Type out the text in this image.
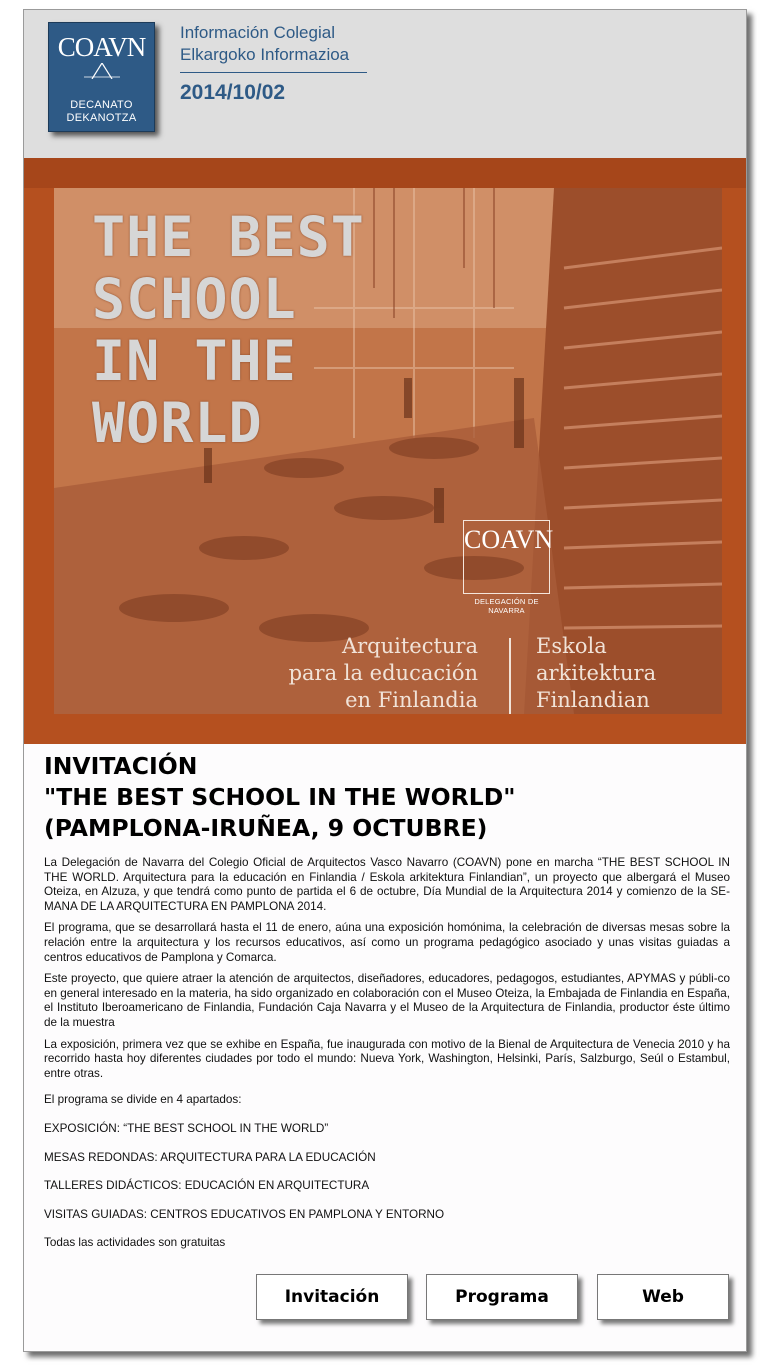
COAVN
DECANATO
DEKANOTZA
Información Colegial
Elkargoko Informazioa
2014/10/02
THE BEST
SCHOOL
IN THE
WORLD
COAVN
DELEGACIÓN DE NAVARRA
Arquitectura
para la educación
en Finlandia
Eskola
arkitektura
Finlandian
INVITACIÓN
"THE BEST SCHOOL IN THE WORLD"
(PAMPLONA-IRUÑEA, 9 OCTUBRE)

La Delegación de Navarra del Colegio Oficial de Arquitectos Vasco Navarro (COAVN) pone en marcha “THE BEST SCHOOL IN THE WORLD. Arquitectura para la educación en Finlandia / Eskola arkitektura Finlandian”, un proyecto que albergará el Museo Oteiza, en Alzuza, y que tendrá como punto de partida el 6 de octubre, Día Mundial de la Arquitectura 2014 y comienzo de la SE-MANA DE LA ARQUITECTURA EN PAMPLONA 2014.

El programa, que se desarrollará hasta el 11 de enero, aúna una exposición homónima, la celebración de diversas mesas sobre la relación entre la arquitectura y los recursos educativos, así como un programa pedagógico asociado y unas visitas guiadas a centros educativos de Pamplona y Comarca.

Este proyecto, que quiere atraer la atención de arquitectos, diseñadores, educadores, pedagogos, estudiantes, APYMAS y públi-co en general interesado en la materia, ha sido organizado en colaboración con el Museo Oteiza, la Embajada de Finlandia en España, el Instituto Iberoamericano de Finlandia, Fundación Caja Navarra y el Museo de la Arquitectura de Finlandia, productor éste último de la muestra

La exposición, primera vez que se exhibe en España, fue inaugurada con motivo de la Bienal de Arquitectura de Venecia 2010 y ha recorrido hasta hoy diferentes ciudades por todo el mundo: Nueva York, Washington, Helsinki, París, Salzburgo, Seúl o Estambul, entre otras.

El programa se divide en 4 apartados:

EXPOSICIÓN: “THE BEST SCHOOL IN THE WORLD”

MESAS REDONDAS: ARQUITECTURA PARA LA EDUCACIÓN

TALLERES DIDÁCTICOS: EDUCACIÓN EN ARQUITECTURA

VISITAS GUIADAS: CENTROS EDUCATIVOS EN PAMPLONA Y ENTORNO

Todas las actividades son gratuitas

Invitación	Programa	Web
